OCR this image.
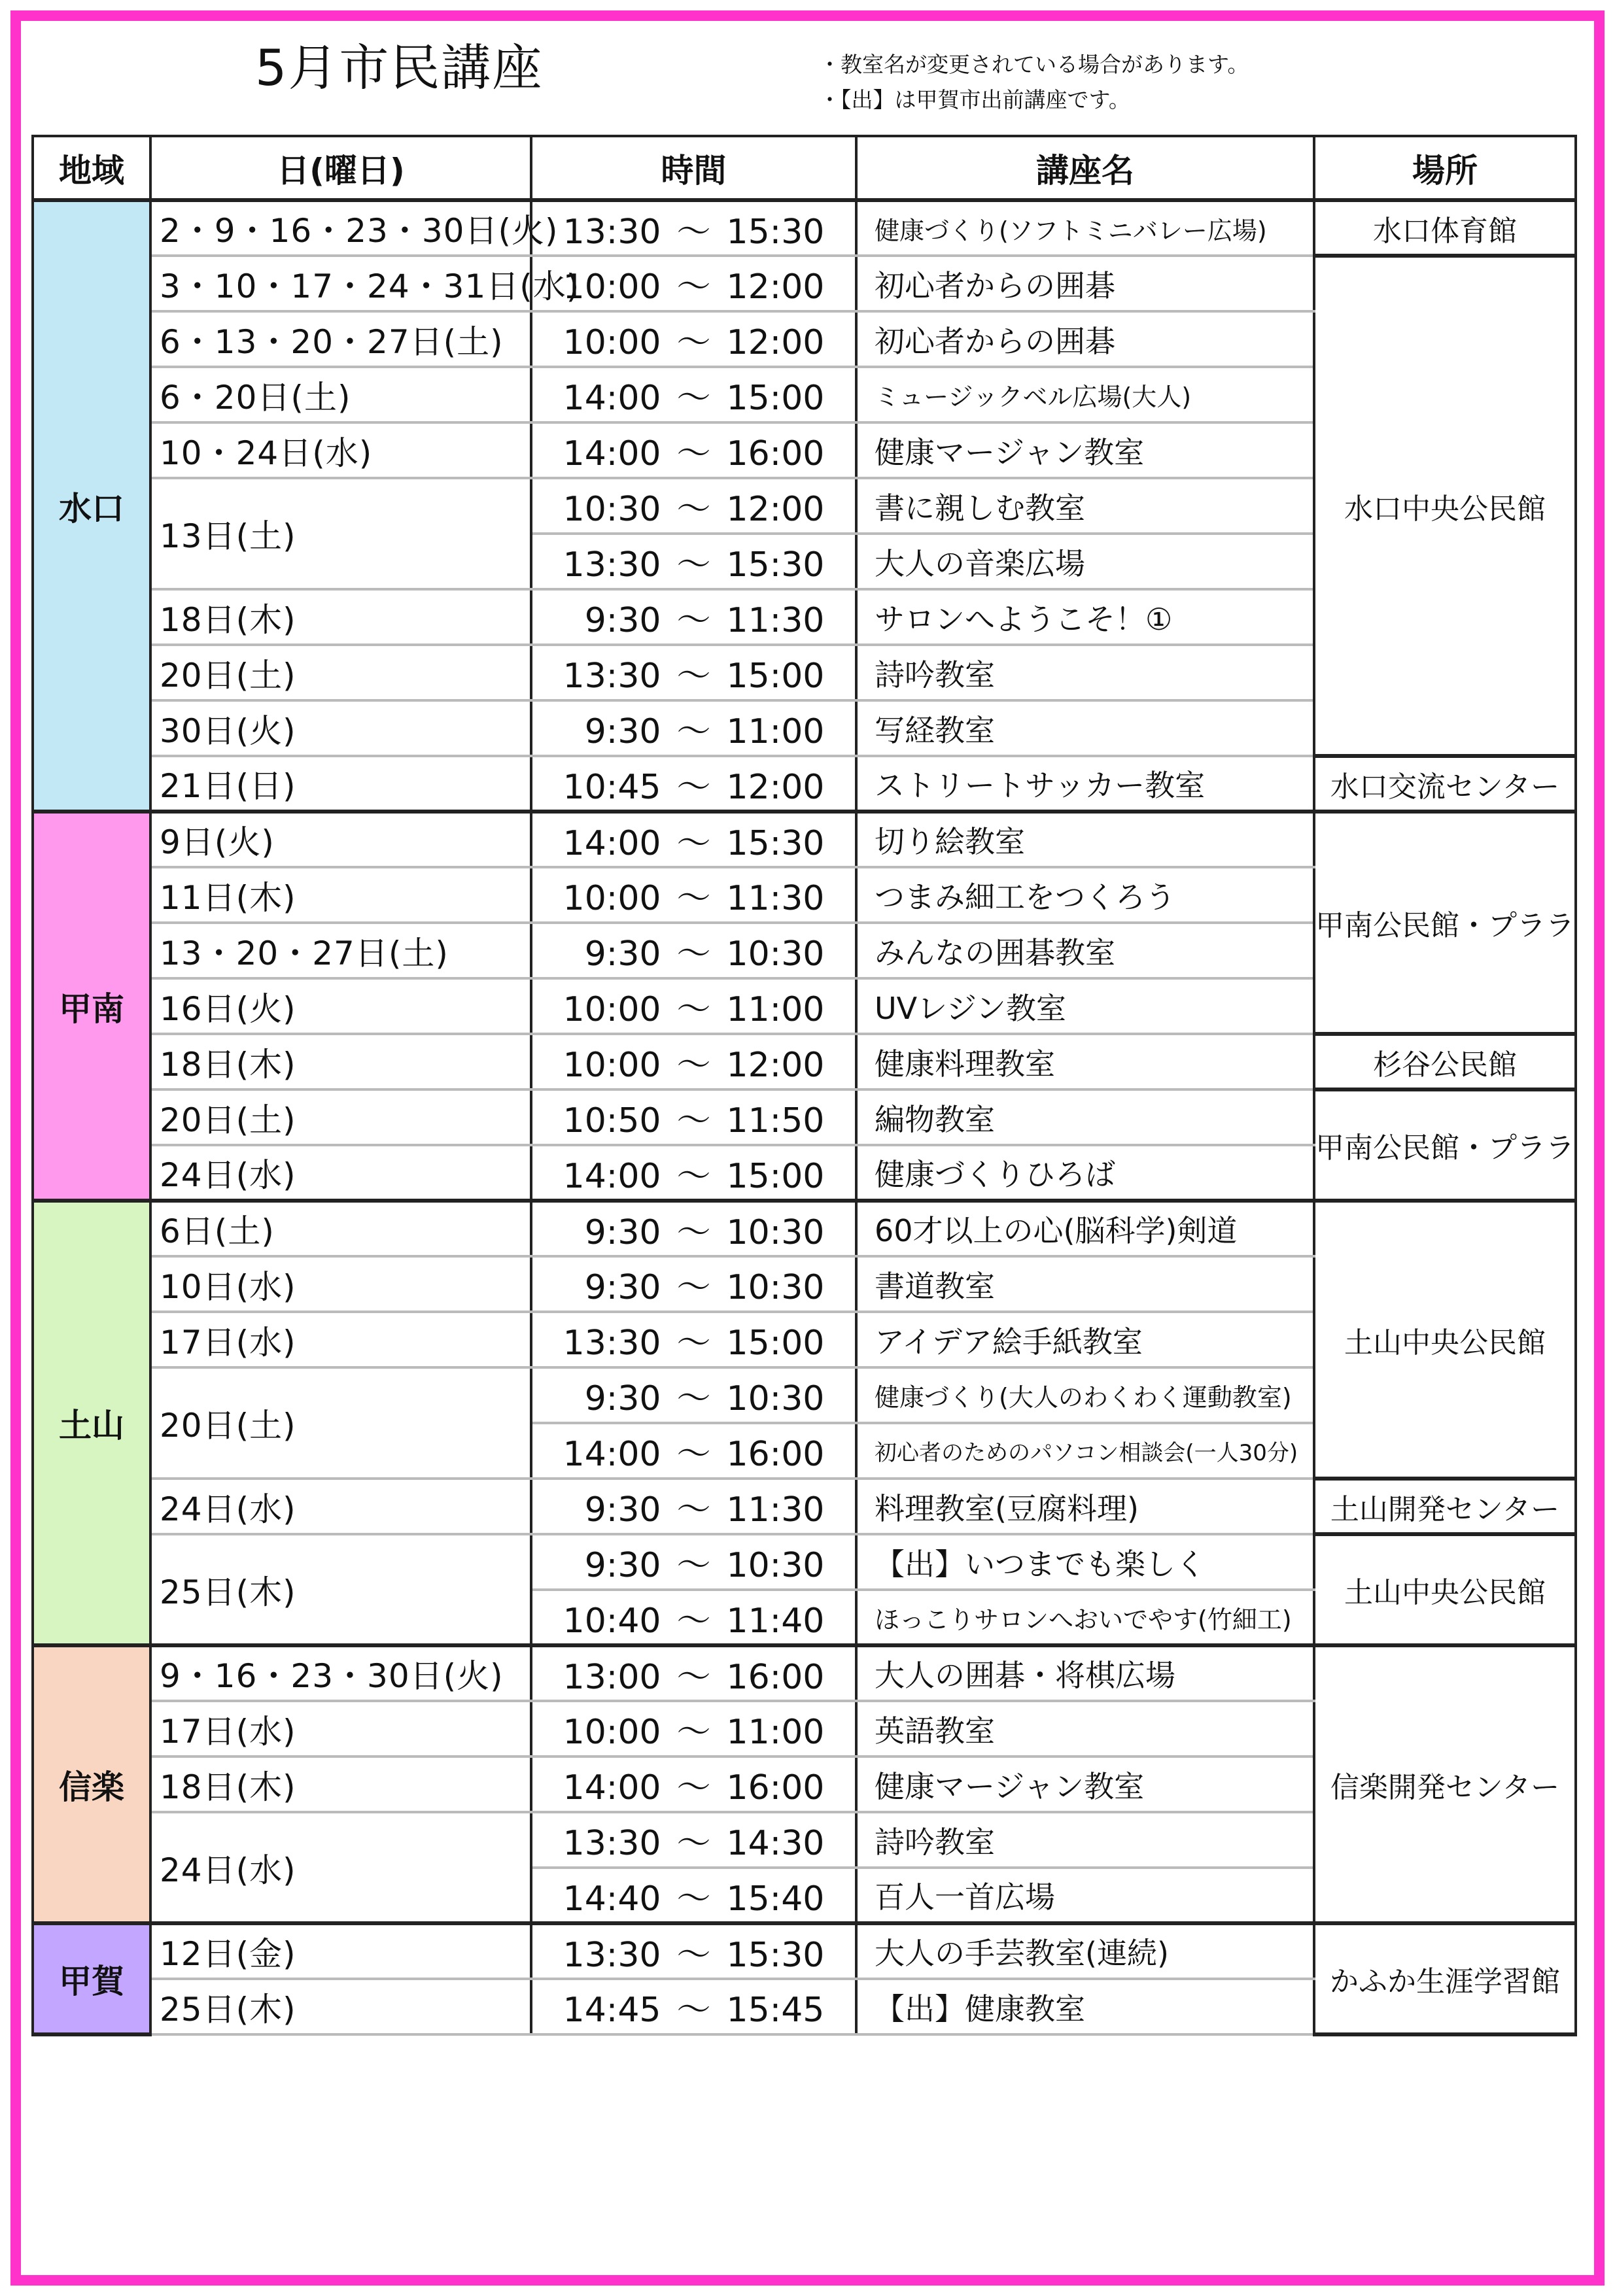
5月市民講座	・教室名が変更されている場合があります。
・【出】は甲賀市出前講座です。
地域	日(曜日)	時間	講座名	場所
水口	2・9・16・23・30日(火)	13:30 ～ 15:30	健康づくり(ソフトミニバレー広場)	水口体育館
	3・10・17・24・31日(水)	10:00 ～ 12:00	初心者からの囲碁	水口中央公民館
	6・13・20・27日(土)	10:00 ～ 12:00	初心者からの囲碁	
	6・20日(土)	14:00 ～ 15:00	ミュージックベル広場(大人)	
	10・24日(水)	14:00 ～ 16:00	健康マージャン教室	
	13日(土)	10:30 ～ 12:00	書に親しむ教室	
		13:30 ～ 15:30	大人の音楽広場	
	18日(木)	9:30 ～ 11:30	サロンへようこそ！①	
	20日(土)	13:30 ～ 15:00	詩吟教室	
	30日(火)	9:30 ～ 11:00	写経教室	
	21日(日)	10:45 ～ 12:00	ストリートサッカー教室	水口交流センター
甲南	9日(火)	14:00 ～ 15:30	切り絵教室	甲南公民館・プララ
	11日(木)	10:00 ～ 11:30	つまみ細工をつくろう	
	13・20・27日(土)	9:30 ～ 10:30	みんなの囲碁教室	
	16日(火)	10:00 ～ 11:00	UVレジン教室	
	18日(木)	10:00 ～ 12:00	健康料理教室	杉谷公民館
	20日(土)	10:50 ～ 11:50	編物教室	甲南公民館・プララ
	24日(水)	14:00 ～ 15:00	健康づくりひろば	
土山	6日(土)	9:30 ～ 10:30	60才以上の心(脳科学)剣道	土山中央公民館
	10日(水)	9:30 ～ 10:30	書道教室	
	17日(水)	13:30 ～ 15:00	アイデア絵手紙教室	
	20日(土)	9:30 ～ 10:30	健康づくり(大人のわくわく運動教室)	
		14:00 ～ 16:00	初心者のためのパソコン相談会(一人30分)	
	24日(水)	9:30 ～ 11:30	料理教室(豆腐料理)	土山開発センター
	25日(木)	9:30 ～ 10:30	【出】いつまでも楽しく	土山中央公民館
		10:40 ～ 11:40	ほっこりサロンへおいでやす(竹細工)	
信楽	9・16・23・30日(火)	13:00 ～ 16:00	大人の囲碁・将棋広場	信楽開発センター
	17日(水)	10:00 ～ 11:00	英語教室	
	18日(木)	14:00 ～ 16:00	健康マージャン教室	
	24日(水)	13:30 ～ 14:30	詩吟教室	
		14:40 ～ 15:40	百人一首広場	
甲賀	12日(金)	13:30 ～ 15:30	大人の手芸教室(連続)	かふか生涯学習館
	25日(木)	14:45 ～ 15:45	【出】健康教室	
